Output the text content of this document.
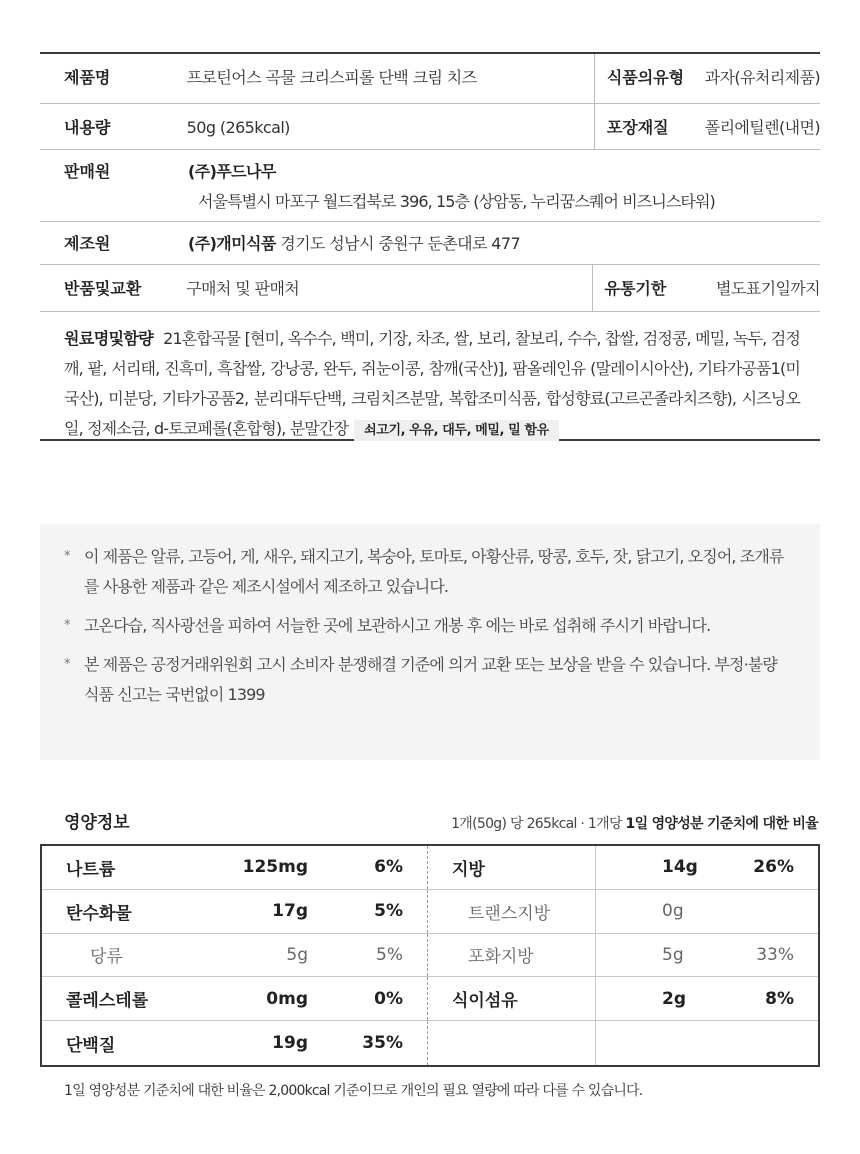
제품명	프로틴어스 곡물 크리스피롤 단백 크림 치즈	식품의유형	과자(유처리제품)
내용량	50g (265kcal)	포장재질	폴리에틸렌(내면)
판매원	(주)푸드나무
서울특별시 마포구 월드컵북로 396, 15층 (상암동, 누리꿈스퀘어 비즈니스타워)
제조원	(주)개미식품 경기도 성남시 중원구 둔촌대로 477
반품및교환	구매처 및 판매처	유통기한	별도표기일까지

원료명및함량 21혼합곡물 [현미, 옥수수, 백미, 기장, 차조, 쌀, 보리, 찰보리, 수수, 찹쌀, 검정콩, 메밀, 녹두, 검정깨, 팥, 서리태, 진흑미, 흑찹쌀, 강낭콩, 완두, 쥐눈이콩, 참깨(국산)], 팜올레인유 (말레이시아산), 기타가공품1(미국산), 미분당, 기타가공품2, 분리대두단백, 크림치즈분말, 복합조미식품, 합성향료(고르곤졸라치즈향), 시즈닝오일, 정제소금, d-토코페롤(혼합형), 분말간장 쇠고기, 우유, 대두, 메밀, 밀 함유

* 이 제품은 알류, 고등어, 게, 새우, 돼지고기, 복숭아, 토마토, 아황산류, 땅콩, 호두, 잣, 닭고기, 오징어, 조개류를 사용한 제품과 같은 제조시설에서 제조하고 있습니다.
* 고온다습, 직사광선을 피하여 서늘한 곳에 보관하시고 개봉 후 에는 바로 섭취해 주시기 바랍니다.
* 본 제품은 공정거래위원회 고시 소비자 분쟁해결 기준에 의거 교환 또는 보상을 받을 수 있습니다. 부정·불량식품 신고는 국번없이 1399
영양정보	1개(50g) 당 265kcal · 1개당 1일 영양성분 기준치에 대한 비율
나트륨	125mg	6%	지방	14g	26%
탄수화물	17g	5%	트랜스지방	0g
당류	5g	5%	포화지방	5g	33%
콜레스테롤	0mg	0%	식이섬유	2g	8%
단백질	19g	35%
1일 영양성분 기준치에 대한 비율은 2,000kcal 기준이므로 개인의 필요 열량에 따라 다를 수 있습니다.
